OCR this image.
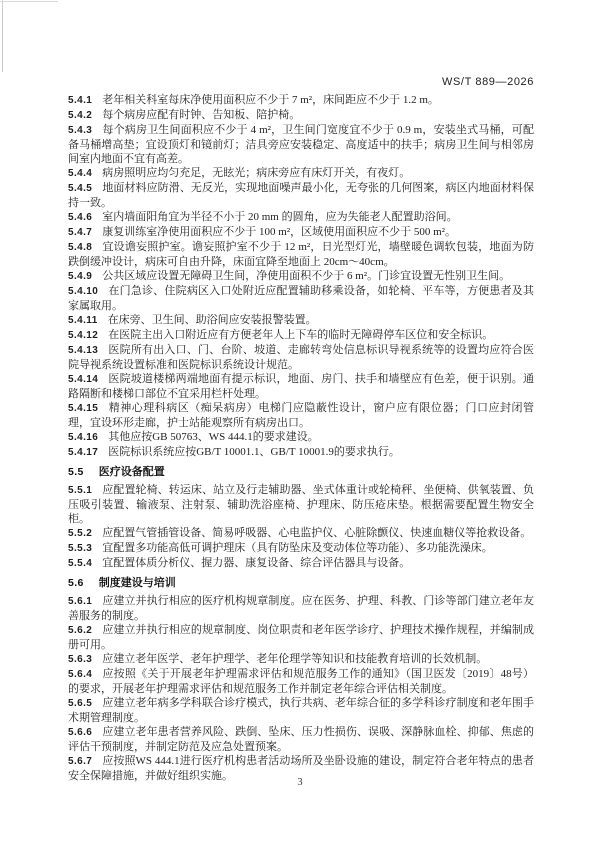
WS/T 889—2026

5.4.1 老年相关科室每床净使用面积应不少于 7 m²，床间距应不少于 1.2 m。

5.4.2 每个病房应配有时钟、告知板、陪护椅。

5.4.3 每个病房卫生间面积应不少于 4 m²，卫生间门宽度宜不少于 0.9 m，安装坐式马桶，可配备马桶增高垫；宜设顶灯和镜前灯；洁具旁应安装稳定、高度适中的扶手；病房卫生间与相邻房间室内地面不宜有高差。

5.4.4 病房照明应均匀充足，无眩光；病床旁应有床灯开关，有夜灯。

5.4.5 地面材料应防滑、无反光，实现地面噪声最小化，无夸张的几何图案，病区内地面材料保持一致。

5.4.6 室内墙面阳角宜为半径不小于 20 mm 的圆角，应为失能老人配置助浴间。

5.4.7 康复训练室净使用面积应不少于 100 m²，区域使用面积应不少于 500 m²。

5.4.8 宜设谵妄照护室。谵妄照护室不少于 12 m²，日光型灯光，墙壁暖色调软包装，地面为防跌倒缓冲设计，病床可自由升降，床面宜降至地面上 20cm～40cm。

5.4.9 公共区域应设置无障碍卫生间，净使用面积不少于 6 m²。门诊宜设置无性别卫生间。

5.4.10 在门急诊、住院病区入口处附近应配置辅助移乘设备，如轮椅、平车等，方便患者及其家属取用。

5.4.11 在床旁、卫生间、助浴间应安装报警装置。

5.4.12 在医院主出入口附近应有方便老年人上下车的临时无障碍停车区位和安全标识。

5.4.13 医院所有出入口、门、台阶、坡道、走廊转弯处信息标识导视系统等的设置均应符合医院导视系统设置标准和医院标识系统设计规范。

5.4.14 医院坡道楼梯两端地面有提示标识，地面、房门、扶手和墙壁应有色差，便于识别。通路隔断和楼梯口部位不宜采用栏杆处理。

5.4.15 精神心理科病区（痴呆病房）电梯门应隐蔽性设计，窗户应有限位器；门口应封闭管理，宜设环形走廊，护士站能观察所有病房出口。

5.4.16 其他应按GB 50763、WS 444.1的要求建设。

5.4.17 医院标识系统应按GB/T 10001.1、GB/T 10001.9的要求执行。

5.5 医疗设备配置

5.5.1 应配置轮椅、转运床、站立及行走辅助器、坐式体重计或轮椅秤、坐便椅、供氧装置、负压吸引装置、输液泵、注射泵、辅助洗浴座椅、护理床、防压疮床垫。根据需要配置生物安全柜。

5.5.2 应配置气管插管设备、简易呼吸器、心电监护仪、心脏除颤仪、快速血糖仪等抢救设备。

5.5.3 宜配置多功能高低可调护理床（具有防坠床及变动体位等功能）、多功能洗澡床。

5.5.4 宜配置体质分析仪、握力器、康复设备、综合评估器具与设备。

5.6 制度建设与培训

5.6.1 应建立并执行相应的医疗机构规章制度。应在医务、护理、科教、门诊等部门建立老年友善服务的制度。

5.6.2 应建立并执行相应的规章制度、岗位职责和老年医学诊疗、护理技术操作规程，并编制成册可用。

5.6.3 应建立老年医学、老年护理学、老年伦理学等知识和技能教育培训的长效机制。

5.6.4 应按照《关于开展老年护理需求评估和规范服务工作的通知》（国卫医发〔2019〕48号）的要求，开展老年护理需求评估和规范服务工作并制定老年综合评估相关制度。

5.6.5 应建立老年病多学科联合诊疗模式，执行共病、老年综合征的多学科诊疗制度和老年围手术期管理制度。

5.6.6 应建立老年患者营养风险、跌倒、坠床、压力性损伤、误吸、深静脉血栓、抑郁、焦虑的评估干预制度，并制定防范及应急处置预案。

5.6.7 应按照WS 444.1进行医疗机构患者活动场所及坐卧设施的建设，制定符合老年特点的患者安全保障措施，并做好组织实施。

3
